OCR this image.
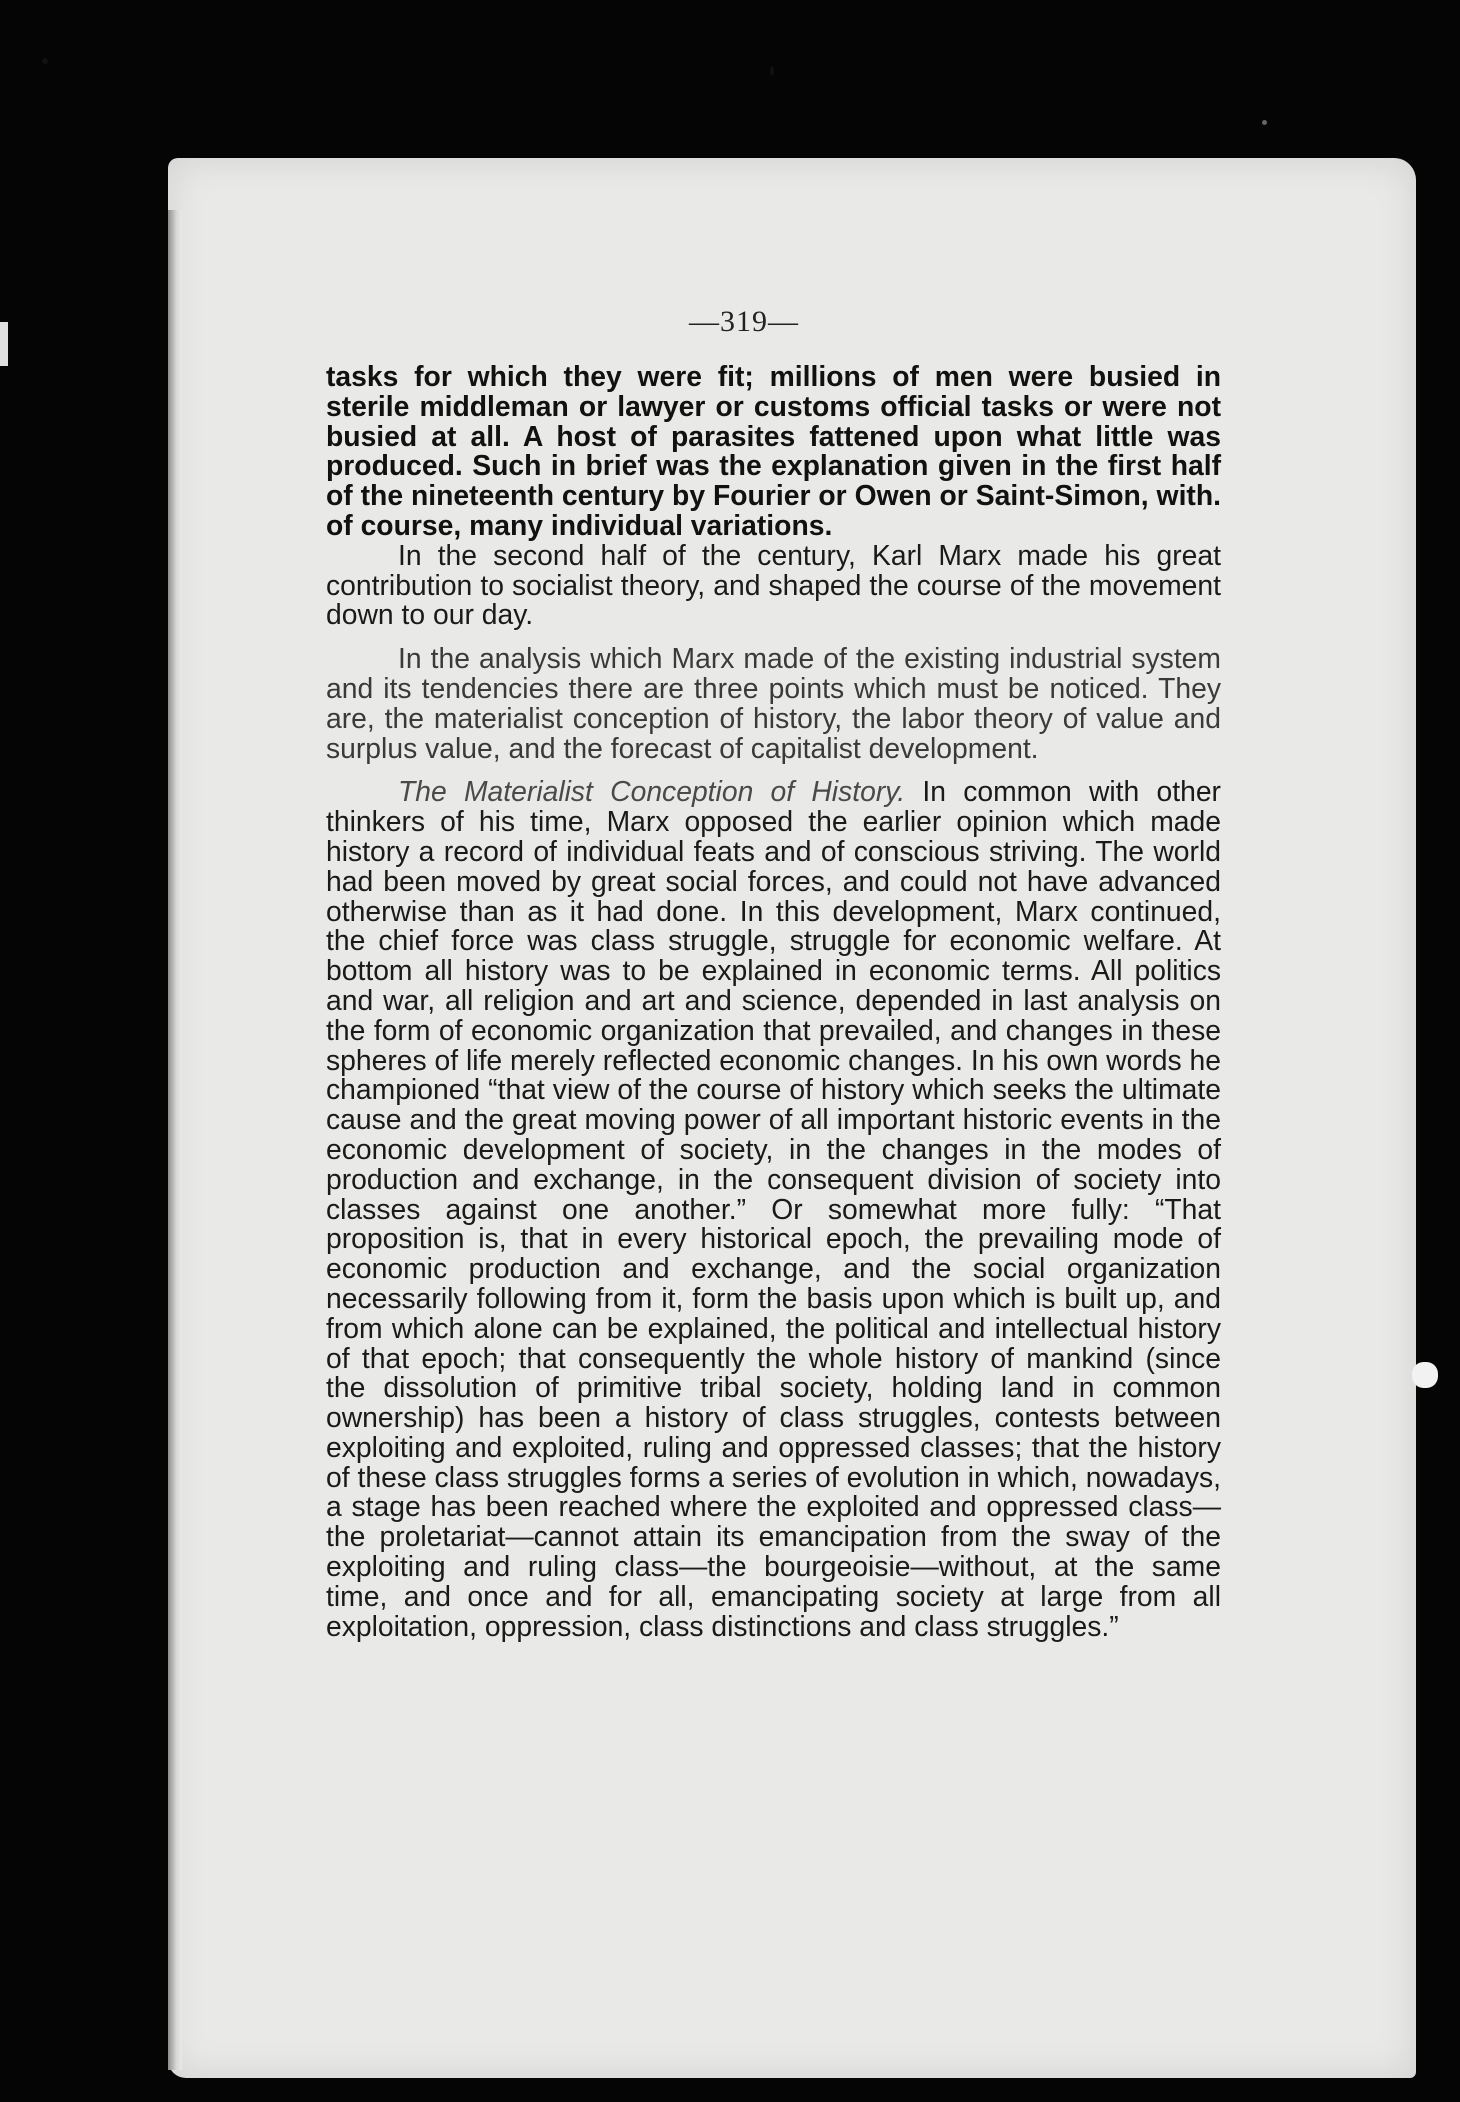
—319—

tasks for which they were fit; millions of men were busied in sterile middleman or lawyer or customs official tasks or were not busied at all. A host of parasites fattened upon what little was produced. Such in brief was the explanation given in the first half of the nineteenth century by Fourier or Owen or Saint-Simon, with. of course, many individual variations.

In the second half of the century, Karl Marx made his great contribution to socialist theory, and shaped the course of the movement down to our day.

In the analysis which Marx made of the existing industrial system and its tendencies there are three points which must be noticed. They are, the materialist conception of history, the labor theory of value and surplus value, and the forecast of capitalist development.

The Materialist Conception of History. In common with other thinkers of his time, Marx opposed the earlier opinion which made history a record of individual feats and of conscious striving. The world had been moved by great social forces, and could not have advanced otherwise than as it had done. In this development, Marx continued, the chief force was class struggle, struggle for economic welfare. At bottom all history was to be explained in economic terms. All politics and war, all religion and art and science, depended in last analysis on the form of economic organization that prevailed, and changes in these spheres of life merely reflected economic changes. In his own words he championed “that view of the course of history which seeks the ultimate cause and the great moving power of all important historic events in the economic development of society, in the changes in the modes of production and exchange, in the consequent division of society into classes against one another.” Or somewhat more fully: “That proposition is, that in every historical epoch, the prevailing mode of economic production and exchange, and the social organization necessarily following from it, form the basis upon which is built up, and from which alone can be explained, the political and intellectual history of that epoch; that consequently the whole history of mankind (since the dissolution of primitive tribal society, holding land in common ownership) has been a history of class struggles, contests between exploiting and exploited, ruling and oppressed classes; that the history of these class struggles forms a series of evolution in which, nowadays, a stage has been reached where the exploited and oppressed class—the proletariat—cannot attain its emancipation from the sway of the exploiting and ruling class—the bourgeoisie—without, at the same time, and once and for all, emancipating society at large from all exploitation, oppression, class distinctions and class struggles.”
